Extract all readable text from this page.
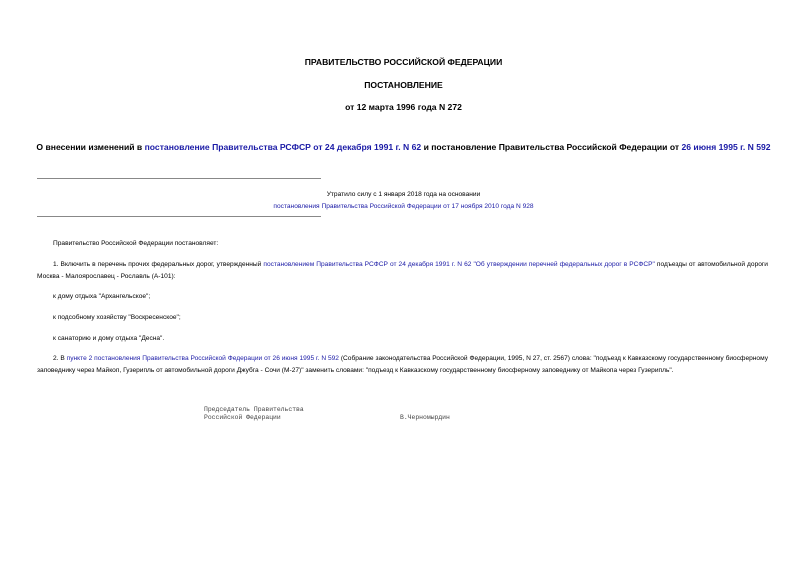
ПРАВИТЕЛЬСТВО РОССИЙСКОЙ ФЕДЕРАЦИИ
ПОСТАНОВЛЕНИЕ
от 12 марта 1996 года N 272
О внесении изменений в постановление Правительства РСФСР от 24 декабря 1991 г. N 62 и постановление Правительства Российской Федерации от 26 июня 1995 г. N 592
Утратило силу с 1 января 2018 года на основании
постановления Правительства Российской Федерации от 17 ноября 2010 года N 928

Правительство Российской Федерации постановляет:

1. Включить в перечень прочих федеральных дорог, утвержденный постановлением Правительства РСФСР от 24 декабря 1991 г. N 62 "Об утверждении перечней федеральных дорог в РСФСР" подъезды от автомобильной дороги Москва - Малоярославец - Рославль (А-101):

к дому отдыха "Архангельское";

к подсобному хозяйству "Воскресенское";

к санаторию и дому отдыха "Десна".

2. В пункте 2 постановления Правительства Российской Федерации от 26 июня 1995 г. N 592 (Собрание законодательства Российской Федерации, 1995, N 27, ст. 2567) слова: "подъезд к Кавказскому государственному биосферному заповеднику через Майкоп, Гузерипль от автомобильной дороги Джубга - Сочи (М-27)" заменить словами: "подъезд к Кавказскому государственному биосферному заповеднику от Майкопа через Гузерипль".

Председатель Правительства
Российской Федерации	В.Черномырдин
